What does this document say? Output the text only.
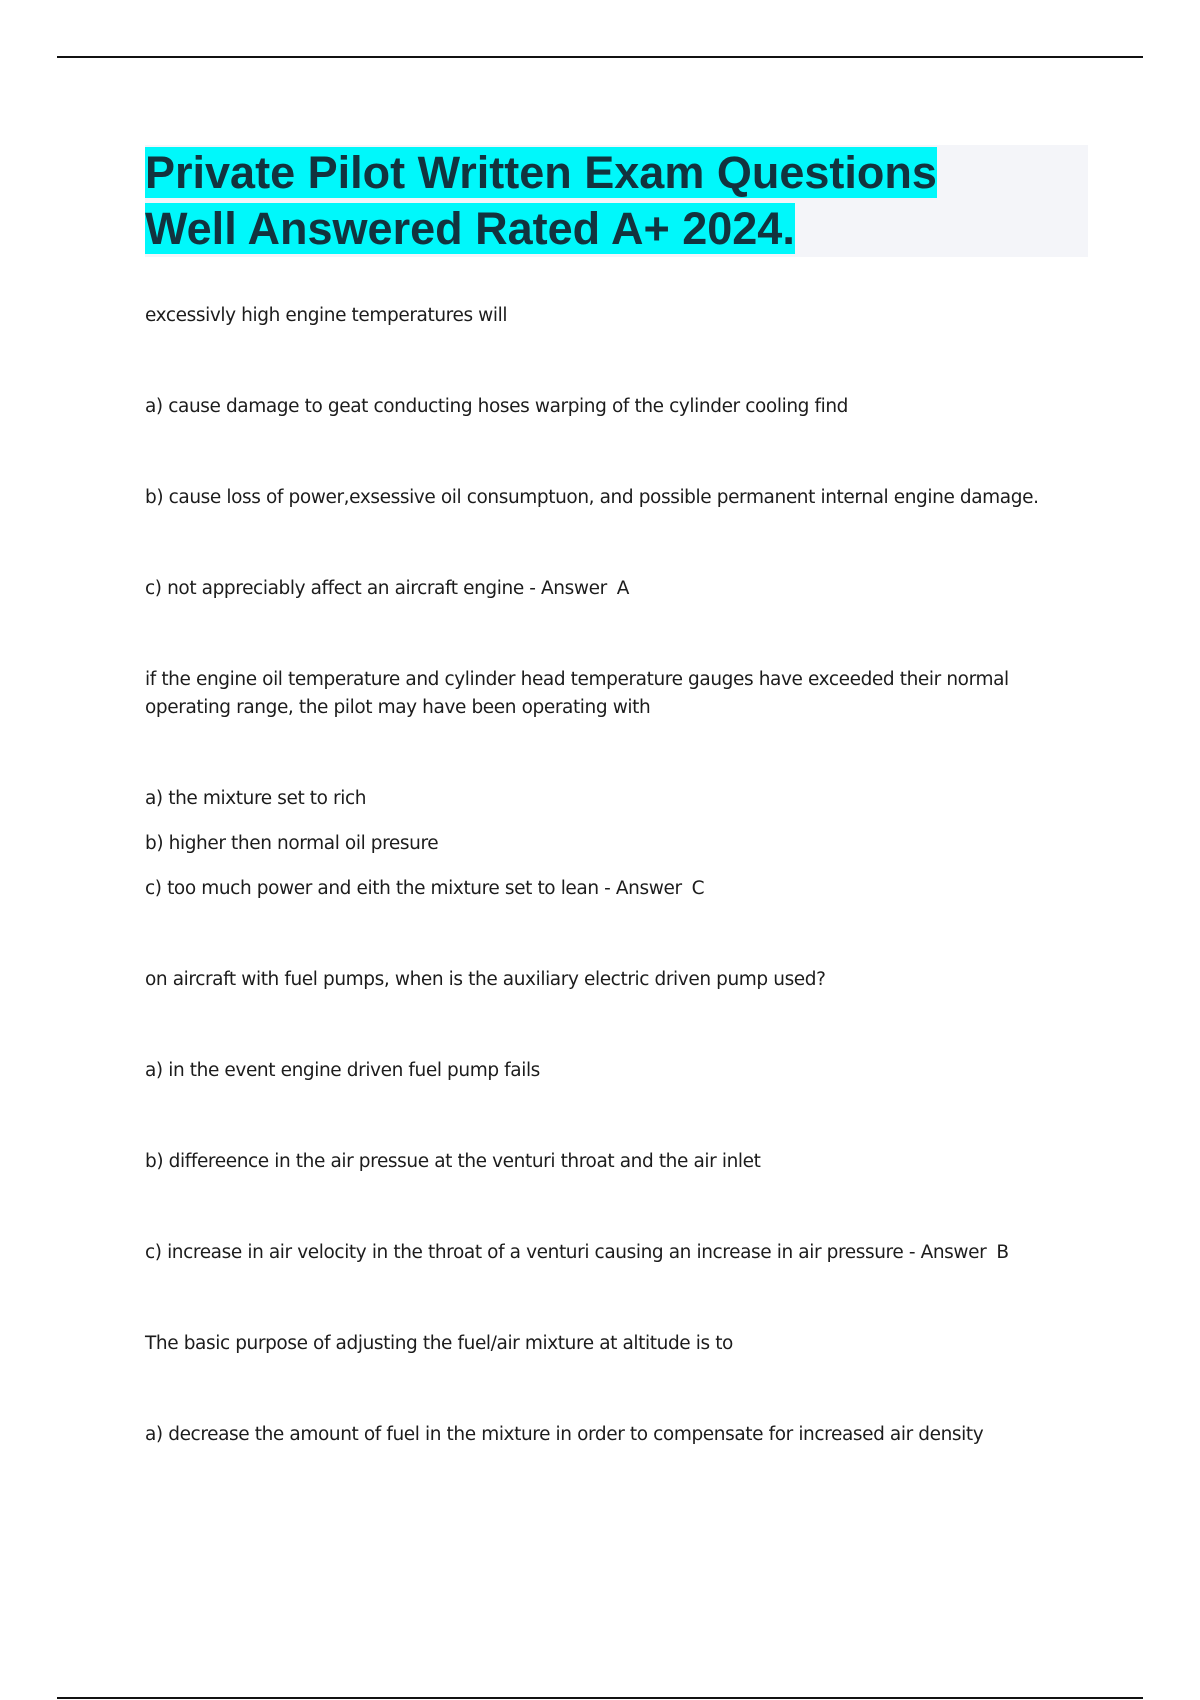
Private Pilot Written Exam Questions
Well Answered Rated A+ 2024.

excessivly high engine temperatures will

a) cause damage to geat conducting hoses warping of the cylinder cooling find

b) cause loss of power,exsessive oil consumptuon, and possible permanent internal engine damage.

c) not appreciably affect an aircraft engine - Answer A

if the engine oil temperature and cylinder head temperature gauges have exceeded their normal operating range, the pilot may have been operating with

a) the mixture set to rich

b) higher then normal oil presure

c) too much power and eith the mixture set to lean - Answer C

on aircraft with fuel pumps, when is the auxiliary electric driven pump used?

a) in the event engine driven fuel pump fails

b) differeence in the air pressue at the venturi throat and the air inlet

c) increase in air velocity in the throat of a venturi causing an increase in air pressure - Answer B

The basic purpose of adjusting the fuel/air mixture at altitude is to

a) decrease the amount of fuel in the mixture in order to compensate for increased air density
